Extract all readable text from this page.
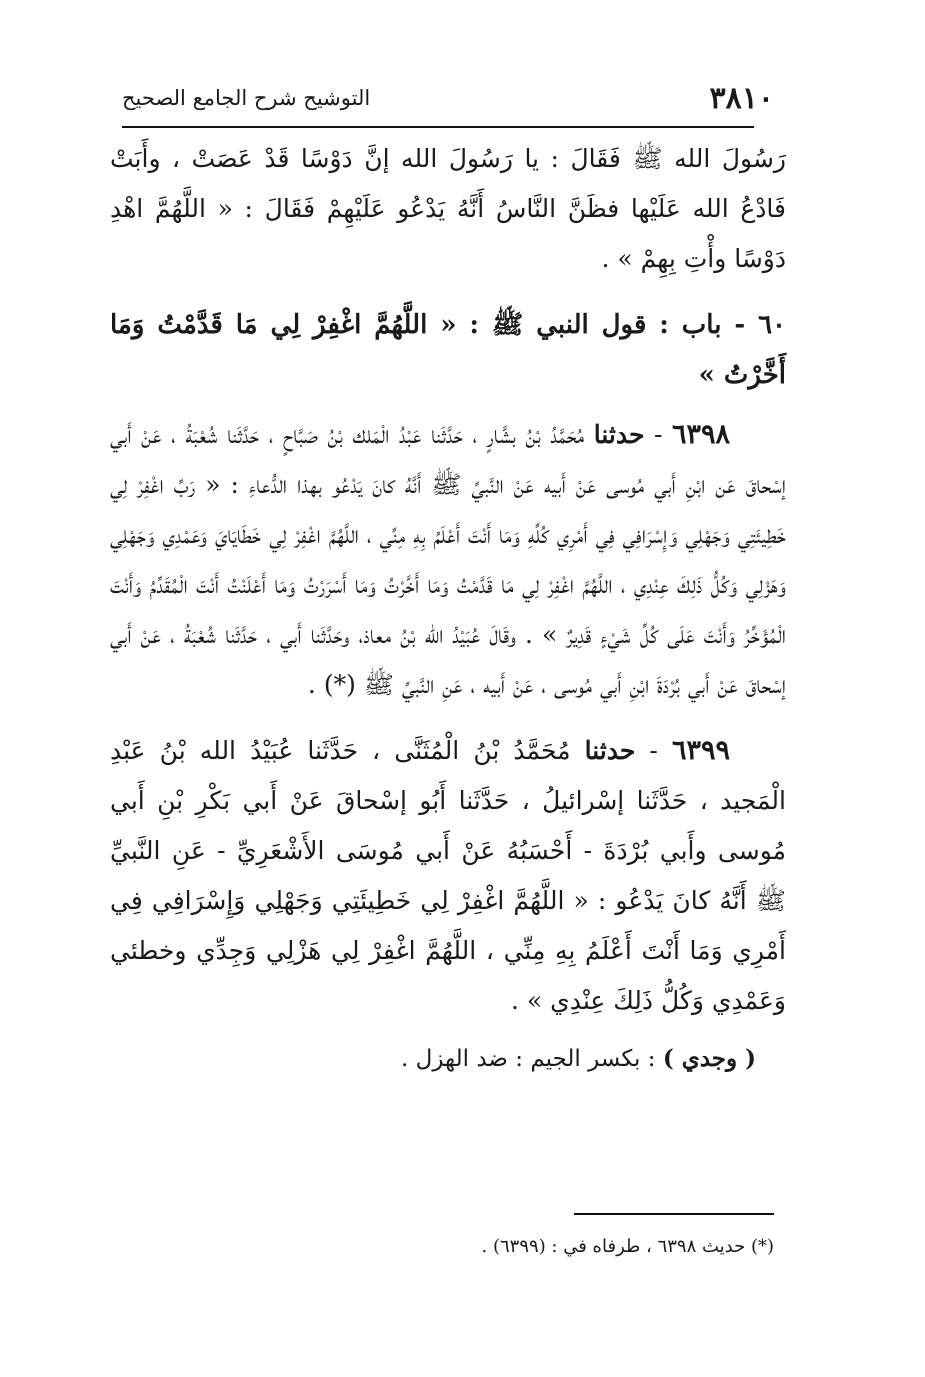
٣٨١٠
التوشيح شرح الجامع الصحيح

رَسُولَ الله ﷺ فَقَالَ : يا رَسُولَ الله إنَّ دَوْسًا قَدْ عَصَتْ ، وأَبَتْ فَادْعُ الله عَلَيْها فظَنَّ النَّاسُ أَنَّهُ يَدْعُو عَلَيْهِمْ فَقَالَ : « اللَّهُمَّ اهْدِ دَوْسًا وأْتِ بِهِمْ » .

٦٠ - باب : قول النبي ﷺ : « اللَّهُمَّ اغْفِرْ لِي مَا قَدَّمْتُ وَمَا أَخَّرْتُ »

٦٣٩٨ - حدثنا مُحَمَّدُ بْنُ بشَّارٍ ، حَدَّثَنا عَبْدُ الْمَلك بْنُ صَبَّاحٍ ، حَدَّثَنا شُعْبَةُ ، عَنْ أَبي إسْحاقَ عَن ابْنِ أَبي مُوسى عَنْ أَبيه عَنْ النَّبيِّ ﷺ أَنَّهُ كانَ يَدْعُو بهذا الدُّعاءِ : « رَبِّ اغْفِرْ لِي خَطِيئَتِي وَجَهْلِي وَإِسْرَافِي فِي أَمْرِي كُلِّهِ وَمَا أَنْتَ أَعْلَمُ بِهِ مِنِّي ، اللَّهُمَّ اغْفِرْ لِي خَطَايَايَ وَعَمْدِي وَجَهْلِي وَهَزْلِي وَكُلُّ ذَلِكَ عِنْدِي ، اللَّهُمَّ اغْفِرْ لِي مَا قَدَّمْتُ وَمَا أَخَّرْتُ وَمَا أَسْرَرْتُ وَمَا أَعْلَنْتُ أَنْتَ الْمُقَدِّمُ وَأَنْتَ الْمُؤَخِّرُ وَأَنْتَ عَلَى كُلِّ شَيْءٍ قَدِيرٌ » . وقَالَ عُبَيْدُ الله بْنُ معاذ، وحَدَّثَنا أَبي ، حَدَّثَنا شُعْبَةُ ، عَنْ أَبي إسْحاقَ عَنْ أَبي بُرْدَةَ ابْنِ أَبي مُوسى ، عَنْ أَبيه ، عَنِ النَّبيِّ ﷺ (*) .

٦٣٩٩ - حدثنا مُحَمَّدُ بْنُ الْمُثَنَّى ، حَدَّثَنا عُبَيْدُ الله بْنُ عَبْدِ الْمَجيد ، حَدَّثَنا إسْرائيلُ ، حَدَّثَنا أَبُو إسْحاقَ عَنْ أَبي بَكْرِ بْنِ أَبي مُوسى وأَبي بُرْدَةَ - أَحْسَبُهُ عَنْ أَبي مُوسَى الأَشْعَرِيِّ - عَنِ النَّبيِّ ﷺ أَنَّهُ كانَ يَدْعُو : « اللَّهُمَّ اغْفِرْ لِي خَطِيئَتِي وَجَهْلِي وَإِسْرَافِي فِي أَمْرِي وَمَا أَنْتَ أَعْلَمُ بِهِ مِنِّي ، اللَّهُمَّ اغْفِرْ لِي هَزْلِي وَجِدِّي وخطئي وَعَمْدِي وَكُلُّ ذَلِكَ عِنْدِي » .

( وجدي ) : بكسر الجيم : ضد الهزل .

(*) حديث ٦٣٩٨ ، طرفاه في : (٦٣٩٩) .
